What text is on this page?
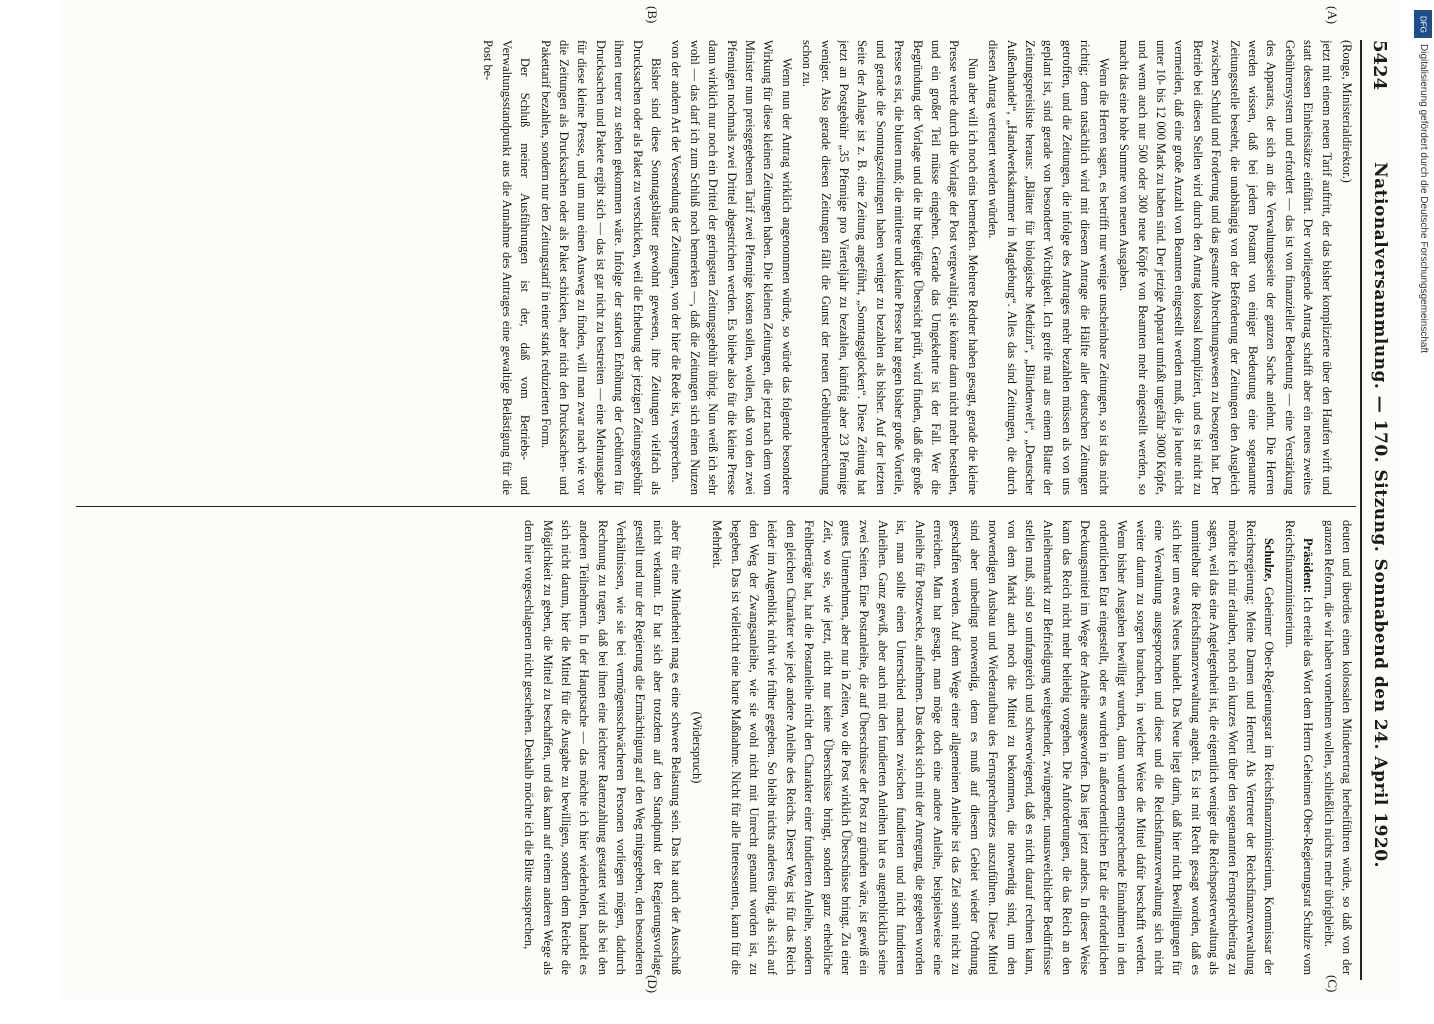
5424
Nationalversammlung. — 170. Sitzung. Sonnabend den 24. April 1920.
(A)
(B)
(C)
(D)

(Ronge, Ministerialdirektor.)

jetzt mit einem neuen Tarif auftritt, der das bisher komplizierte über den Haufen wirft und statt dessen Einheitssätze einführt. Der vorliegende Antrag schafft aber ein neues zweites Gebührensystem und erfordert — das ist von finanzieller Bedeutung — eine Verstärkung des Apparats, der sich an die Verwaltungsseite der ganzen Sache anlehnt. Die Herren werden wissen, daß bei jedem Postamt von einiger Bedeutung eine sogenannte Zeitungsstelle besteht, die unabhängig von der Beförderung der Zeitungen den Ausgleich zwischen Schuld und Forderung und das gesamte Abrechnungswesen zu besorgen hat. Der Betrieb bei diesen Stellen wird durch den Antrag kolossal kompliziert, und es ist nicht zu vermeiden, daß eine große Anzahl von Beamten eingestellt werden muß, die ja heute nicht unter 10- bis 12 000 Mark zu haben sind. Der jetzige Apparat umfaßt ungefähr 3000 Köpfe, und wenn auch nur 500 oder 300 neue Köpfe von Beamten mehr eingestellt werden, so macht das eine hohe Summe von neuen Ausgaben.

Wenn die Herren sagen, es betrifft nur wenige unscheinbare Zeitungen, so ist das nicht richtig; denn tatsächlich wird mit diesem Antrage die Hälfte aller deutschen Zeitungen getroffen, und die Zeitungen, die infolge des Antrages mehr bezahlen müssen als von uns geplant ist, sind gerade von besonderer Wichtigkeit. Ich greife mal aus einem Blatte der Zeitungspreisliste heraus: „Blätter für biologische Medizin“, „Blindenwelt“, „Deutscher Außenhandel“, „Handwerkskammer in Magdeburg“. Alles das sind Zeitungen, die durch diesen Antrag verteuert werden würden.

Nun aber will ich noch eins bemerken. Mehrere Redner haben gesagt, gerade die kleine Presse werde durch die Vorlage der Post vergewaltigt, sie könne dann nicht mehr bestehen, und ein großer Teil müsse eingehen. Gerade das Umgekehrte ist der Fall. Wer die Begründung der Vorlage und die ihr beigefügte Übersicht prüft, wird finden, daß die große Presse es ist, die bluten muß; die mittlere und kleine Presse hat gegen bisher große Vorteile, und gerade die Sonntagszeitungen haben weniger zu bezahlen als bisher. Auf der letzten Seite der Anlage ist z. B. eine Zeitung angeführt, „Sonntagsglocken“. Diese Zeitung hat jetzt an Postgebühr „35 Pfennige pro Vierteljahr zu bezahlen, künftig aber 23 Pfennige weniger. Also gerade diesen Zeitungen fällt die Gunst der neuen Gebührenberechnung schon zu.

Wenn nun der Antrag wirklich angenommen würde, so würde das folgende besondere Wirkung für diese kleinen Zeitungen haben. Die kleinen Zeitungen, die jetzt nach dem vom Minister nun preisgegebenen Tarif zwei Pfennige kosten sollen, wollen, daß von den zwei Pfennigen nochmals zwei Drittel abgestrichen werden. Es bliebe also für die kleine Presse dann wirklich nur noch ein Drittel der geringsten Zeitungsgebühr übrig. Nun weiß ich sehr wohl — das darf ich zum Schluß noch bemerken —, daß die Zeitungen sich einen Nutzen von der andern Art der Versendung der Zeitungen, von der hier die Rede ist, versprechen.

Bisher sind diese Sonntagsblätter gewohnt gewesen, ihre Zeitungen vielfach als Drucksachen oder als Paket zu verschicken, weil die Erhebung der jetzigen Zeitungsgebühr ihnen teurer zu stehen gekommen wäre. Infolge der starken Erhöhung der Gebühren für Drucksachen und Pakete ergibt sich — das ist gar nicht zu bestreiten — eine Mehrausgabe für diese kleine Presse, und um nun einen Ausweg zu finden, will man zwar nach wie vor die Zeitungen als Drucksachen oder als Paket schicken, aber nicht den Drucksachen- und Pakettarif bezahlen, sondern nur den Zeitungstarif in einer stark reduzierten Form.

Der Schluß meiner Ausführungen ist der, daß vom Betriebs- und Verwaltungsstandpunkt aus die Annahme des Antrages eine gewaltige Belästigung für die Post be-

deuten und überdies einen kolossalen Minderertrag herbeiführen würde, so daß von der ganzen Reform, die wir haben vornehmen wollen, schließlich nichts mehr übrigbleibt.

Präsident: Ich erteile das Wort dem Herrn Geheimen Ober-Regierungsrat Schulze vom Reichsfinanzministerium.

Schulze, Geheimer Ober-Regierungsrat im Reichsfinanzministerium, Kommissar der Reichsregierung: Meine Damen und Herren! Als Vertreter der Reichsfinanzverwaltung möchte ich mir erlauben, noch ein kurzes Wort über den sogenannten Fernsprechbeitrag zu sagen, weil das eine Angelegenheit ist, die eigentlich weniger die Reichspostverwaltung als unmittelbar die Reichsfinanzverwaltung angeht. Es ist mit Recht gesagt worden, daß es sich hier um etwas Neues handelt. Das Neue liegt darin, daß hier nicht Bewilligungen für eine Verwaltung ausgesprochen und diese und die Reichsfinanzverwaltung sich nicht weiter darum zu sorgen brauchen, in welcher Weise die Mittel dafür beschafft werden. Wenn bisher Ausgaben bewilligt wurden, dann wurden entsprechende Einnahmen in den ordentlichen Etat eingestellt, oder es wurden in außerordentlichen Etat die erforderlichen Deckungsmittel im Wege der Anleihe ausgeworfen. Das liegt jetzt anders. In dieser Weise kann das Reich nicht mehr beliebig vorgehen. Die Anforderungen, die das Reich an den Anleihenmarkt zur Befriedigung weitgehender, zwingender, unausweichlicher Bedürfnisse stellen muß, sind so umfangreich und schwerwiegend, daß es nicht darauf rechnen kann, von dem Markt auch noch die Mittel zu bekommen, die notwendig sind, um den notwendigen Ausbau und Wiederaufbau des Fernsprechnetzes auszuführen. Diese Mittel sind aber unbedingt notwendig, denn es muß auf diesem Gebiet wieder Ordnung geschaffen werden. Auf dem Wege einer allgemeinen Anleihe ist das Ziel somit nicht zu erreichen. Man hat gesagt, man möge doch eine andere Anleihe, beispielsweise eine Anleihe für Postzwecke, aufnehmen. Das deckt sich mit der Anregung, die gegeben worden ist, man sollte einen Unterschied machen zwischen fundierten und nicht fundierten Anleihen. Ganz gewiß, aber auch mit den fundierten Anleihen hat es augenblicklich seine zwei Seiten. Eine Postanleihe, die auf Überschüsse der Post zu gründen wäre, ist gewiß ein gutes Unternehmen, aber nur in Zeiten, wo die Post wirklich Überschüsse bringt. Zu einer Zeit, wo sie, wie jetzt, nicht nur keine Überschüsse bringt, sondern ganz erhebliche Fehlbeträge hat, hat die Postanleihe nicht den Charakter einer fundierten Anleihe, sondern den gleichen Charakter wie jede andere Anleihe des Reichs. Dieser Weg ist für das Reich leider im Augenblick nicht wie früher gegeben. So bleibt nichts anderes übrig, als sich auf den Weg der Zwangsanleihe, wie sie wohl nicht mit Unrecht genannt worden ist, zu begeben. Das ist vielleicht eine harte Maßnahme. Nicht für alle Interessenten, kann für die Mehrheit.

(Widerspruch)

aber für eine Minderheit mag es eine schwere Belastung sein. Das hat auch der Ausschuß nicht verkannt. Er hat sich aber trotzdem auf den Standpunkt der Regierungsvorlage gestellt und nur der Regierung die Ermächtigung auf den Weg mitgegeben, den besonderen Verhältnissen, wie sie bei vermögensschwächeren Personen vorliegen mögen, dadurch Rechnung zu tragen, daß bei ihnen eine leichtere Ratenzahlung gestattet wird als bei den anderen Teilnehmern. In der Hauptsache — das möchte ich hier wiederholen, handelt es sich nicht darum, hier die Mittel für die Ausgabe zu bewilligen, sondern dem Reiche die Möglichkeit zu geben, die Mittel zu beschaffen, und das kann auf einem anderen Wege als dem hier vorgeschlagenen nicht geschehen. Deshalb möchte ich die Bitte aussprechen,

DFG
Digitalisierung gefördert durch die Deutsche Forschungsgemeinschaft
